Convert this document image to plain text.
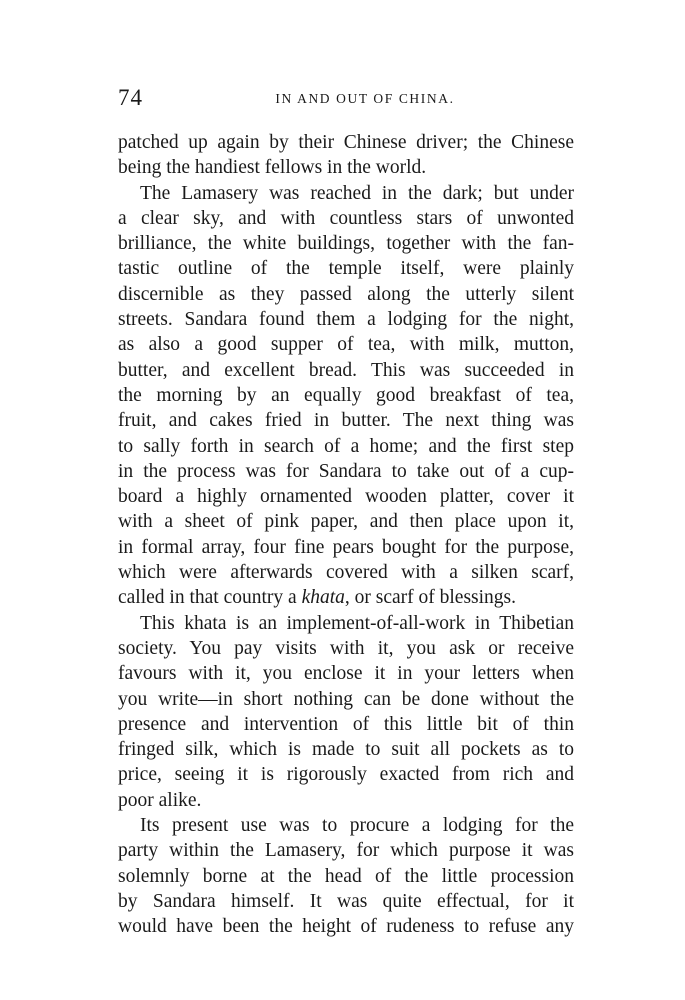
74	IN AND OUT OF CHINA.
patched up again by their Chinese driver; the Chinese
being the handiest fellows in the world.
The Lamasery was reached in the dark; but under
a clear sky, and with countless stars of unwonted
brilliance, the white buildings, together with the fan-
tastic outline of the temple itself, were plainly
discernible as they passed along the utterly silent
streets. Sandara found them a lodging for the night,
as also a good supper of tea, with milk, mutton,
butter, and excellent bread. This was succeeded in
the morning by an equally good breakfast of tea,
fruit, and cakes fried in butter. The next thing was
to sally forth in search of a home; and the first step
in the process was for Sandara to take out of a cup-
board a highly ornamented wooden platter, cover it
with a sheet of pink paper, and then place upon it,
in formal array, four fine pears bought for the purpose,
which were afterwards covered with a silken scarf,
called in that country a khata, or scarf of blessings.
This khata is an implement-of-all-work in Thibetian
society. You pay visits with it, you ask or receive
favours with it, you enclose it in your letters when
you write—in short nothing can be done without the
presence and intervention of this little bit of thin
fringed silk, which is made to suit all pockets as to
price, seeing it is rigorously exacted from rich and
poor alike.
Its present use was to procure a lodging for the
party within the Lamasery, for which purpose it was
solemnly borne at the head of the little procession
by Sandara himself. It was quite effectual, for it
would have been the height of rudeness to refuse any
